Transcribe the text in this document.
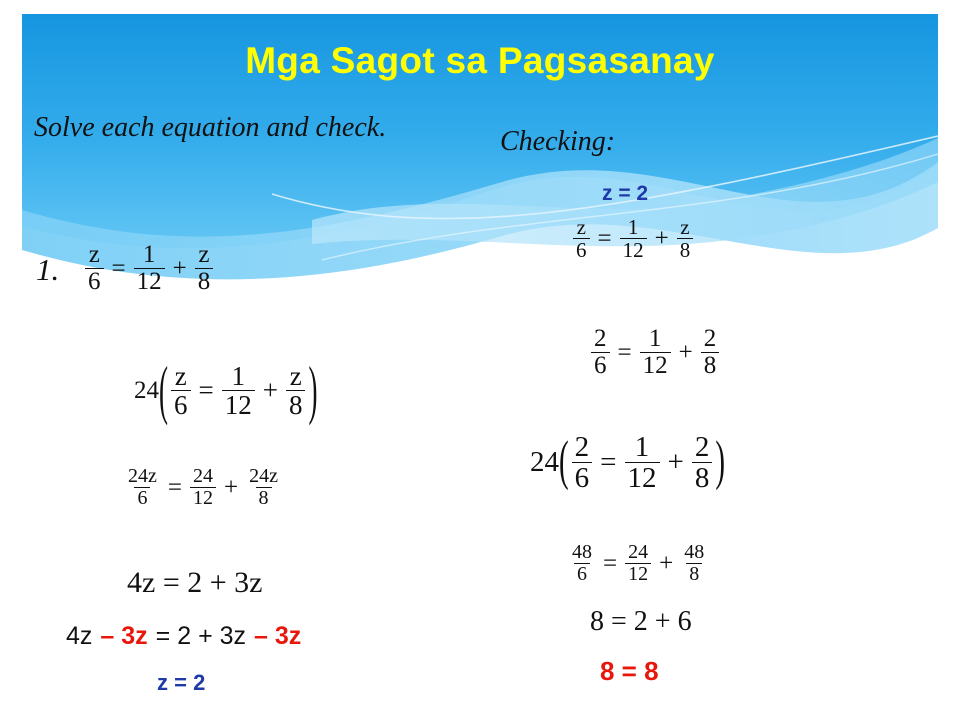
Mga Sagot sa Pagsasanay
Solve each equation and check.	Checking:
z = 2
1. $\frac{z}{6} = \frac{1}{12} + \frac{z}{8}$
24 ( $\frac{z}{6} = \frac{1}{12} + \frac{z}{8}$ )
$\frac{24z}{6} = \frac{24}{12} + \frac{24z}{8}$
4z = 2 + 3z
4z – 3z = 2 + 3z – 3z
z = 2
$\frac{z}{6} = \frac{1}{12} + \frac{z}{8}$
$\frac{2}{6} = \frac{1}{12} + \frac{2}{8}$
24 ( $\frac{2}{6} = \frac{1}{12} + \frac{2}{8}$ )
$\frac{48}{6} = \frac{24}{12} + \frac{48}{8}$
8 = 2 + 6
8 = 8
